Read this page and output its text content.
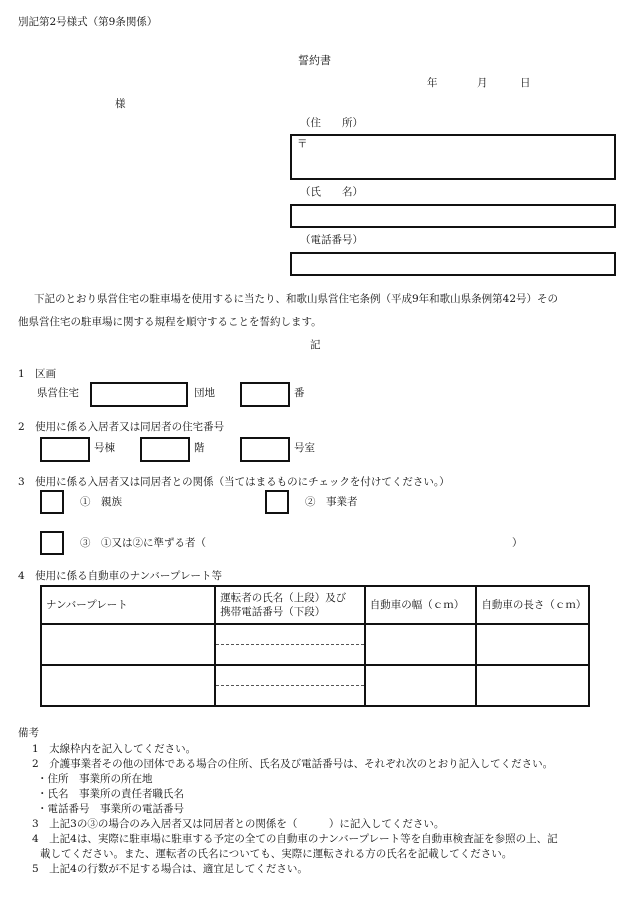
別記第2号様式（第9条関係）
誓約書
年	月	日
様
（住　　所）
〒
（氏　　名）
（電話番号）
下記のとおり県営住宅の駐車場を使用するに当たり、和歌山県営住宅条例（平成9年和歌山県条例第42号）その
他県営住宅の駐車場に関する規程を順守することを誓約します。
記
1　区画
県営住宅	団地	番
2　使用に係る入居者又は同居者の住宅番号
号棟	階	号室
3　使用に係る入居者又は同居者との関係（当てはまるものにチェックを付けてください。）
①　親族	②　事業者
③　①又は②に準ずる者（	）
4　使用に係る自動車のナンバープレート等
ナンバープレート	運転者の氏名（上段）及び
携帯電話番号（下段）	自動車の幅（ｃｍ）	自動車の長さ（ｃｍ）

備考
1　太線枠内を記入してください。
2　介護事業者その他の団体である場合の住所、氏名及び電話番号は、それぞれ次のとおり記入してください。
・住所　事業所の所在地
・氏名　事業所の責任者職氏名
・電話番号　事業所の電話番号
3　上記3の③の場合のみ入居者又は同居者との関係を（　　　）に記入してください。
4　上記4は、実際に駐車場に駐車する予定の全ての自動車のナンバープレート等を自動車検査証を参照の上、記
載してください。また、運転者の氏名についても、実際に運転される方の氏名を記載してください。
5　上記4の行数が不足する場合は、適宜足してください。
